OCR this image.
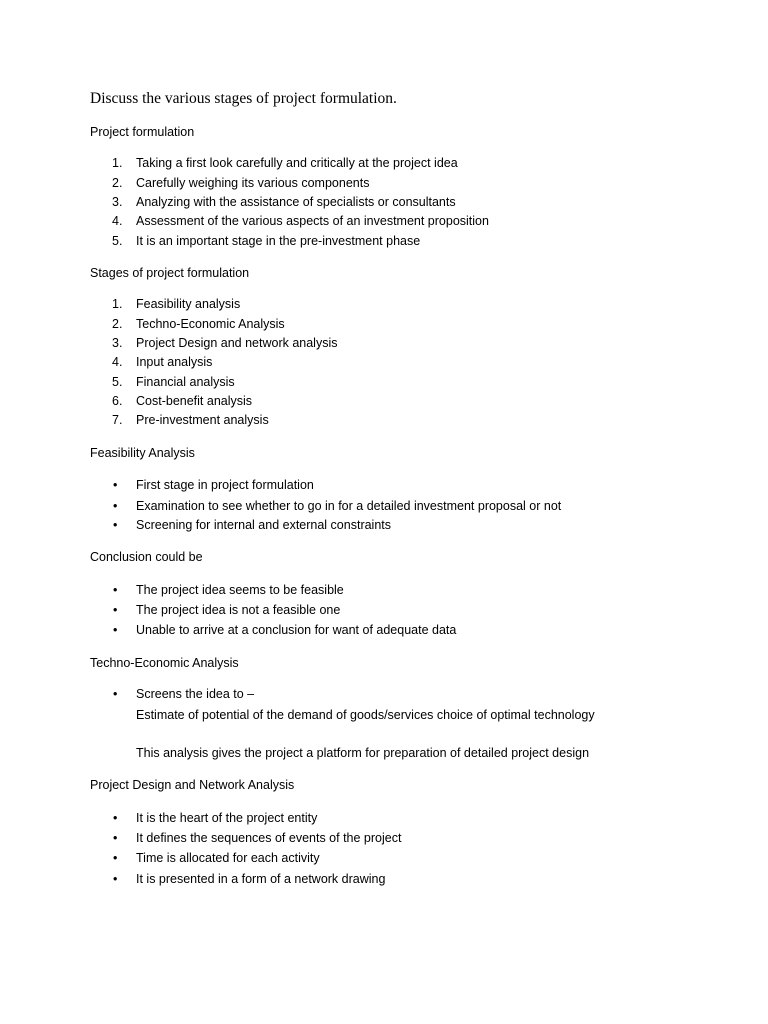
Discuss the various stages of project formulation.
Project formulation
1. Taking a first look carefully and critically at the project idea
2. Carefully weighing its various components
3. Analyzing with the assistance of specialists or consultants
4. Assessment of the various aspects of an investment proposition
5. It is an important stage in the pre-investment phase
Stages of project formulation
1. Feasibility analysis
2. Techno-Economic Analysis
3. Project Design and network analysis
4. Input analysis
5. Financial analysis
6. Cost-benefit analysis
7. Pre-investment analysis
Feasibility Analysis
• First stage in project formulation
• Examination to see whether to go in for a detailed investment proposal or not
• Screening for internal and external constraints
Conclusion could be
• The project idea seems to be feasible
• The project idea is not a feasible one
• Unable to arrive at a conclusion for want of adequate data
Techno-Economic Analysis
• Screens the idea to –
Estimate of potential of the demand of goods/services choice of optimal technology
This analysis gives the project a platform for preparation of detailed project design
Project Design and Network Analysis
• It is the heart of the project entity
• It defines the sequences of events of the project
• Time is allocated for each activity
• It is presented in a form of a network drawing
